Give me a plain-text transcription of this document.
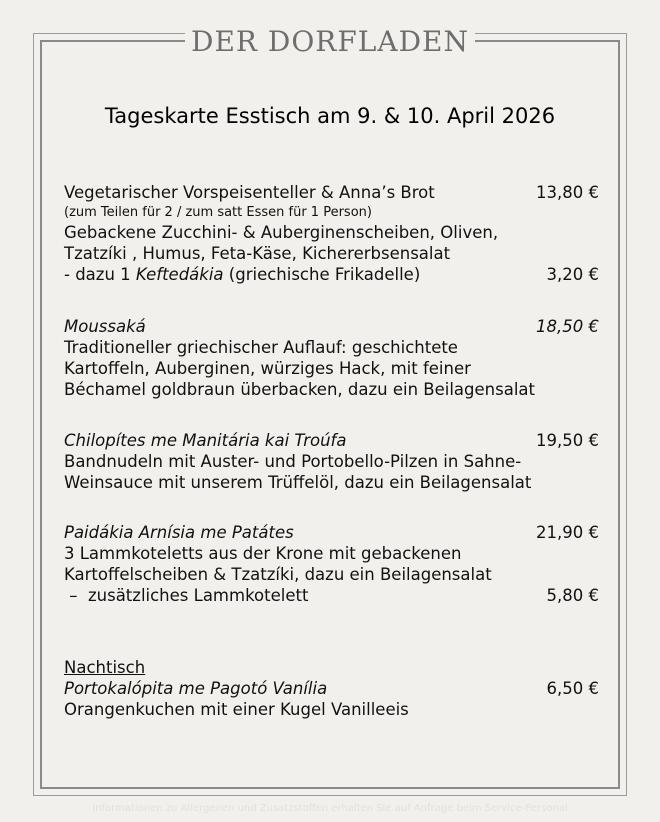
DER DORFLADEN
Tageskarte Esstisch am 9. & 10. April 2026
Vegetarischer Vorspeisenteller & Anna’s Brot	13,80 €
(zum Teilen für 2 / zum satt Essen für 1 Person)
Gebackene Zucchini- & Auberginenscheiben, Oliven,
Tzatzíki , Humus, Feta-Käse, Kichererbsensalat
- dazu 1 Keftedákia (griechische Frikadelle)	3,20 €
Moussaká	18,50 €
Traditioneller griechischer Auflauf: geschichtete
Kartoffeln, Auberginen, würziges Hack, mit feiner
Béchamel goldbraun überbacken, dazu ein Beilagensalat
Chilopítes me Manitária kai Troúfa	19,50 €
Bandnudeln mit Auster- und Portobello-Pilzen in Sahne-
Weinsauce mit unserem Trüffelöl, dazu ein Beilagensalat
Paidákia Arnísia me Patátes	21,90 €
3 Lammkoteletts aus der Krone mit gebackenen
Kartoffelscheiben & Tzatzíki, dazu ein Beilagensalat
–  zusätzliches Lammkotelett	5,80 €
Nachtisch
Portokalópita me Pagotó Vanília	6,50 €
Orangenkuchen mit einer Kugel Vanilleeis
Informationen zu Allergenen und Zusatzstoffen erhalten Sie auf Anfrage beim Service-Personal
